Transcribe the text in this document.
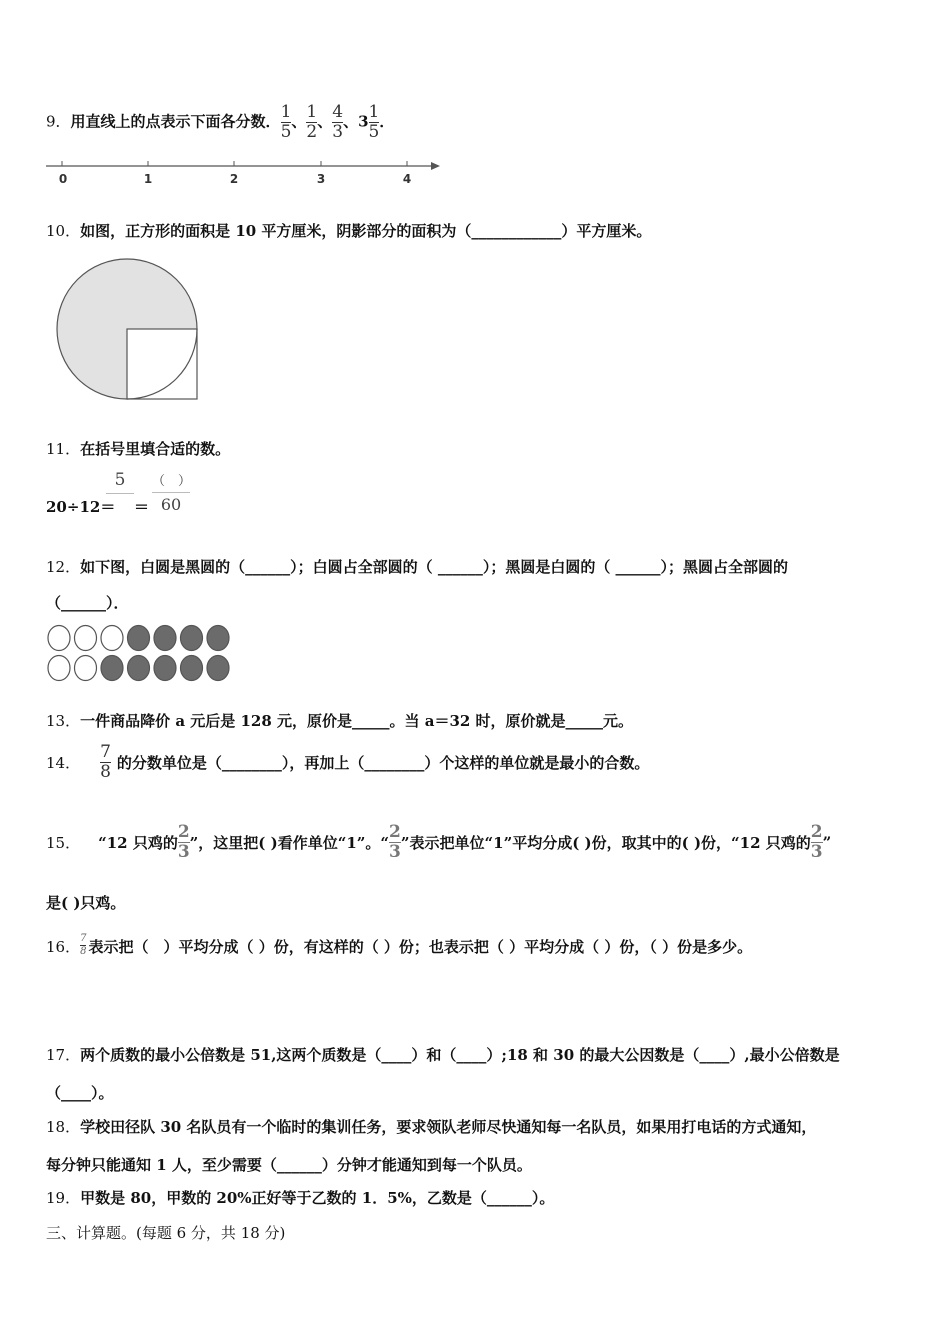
9．用直线上的点表示下面各分数． $\frac{1}{5}$ 、 $\frac{1}{2}$ 、 $\frac{4}{3}$ 、$3 \frac{1}{5}$ ．
0	1	2	3	4
10．如图，正方形的面积是 10 平方厘米，阴影部分的面积为（____________）平方厘米。
11．在括号里填合适的数。
20÷12＝
5
＝
（　）
60
12．如下图，白圆是黑圆的（______）；白圆占全部圆的（ ______）；黑圆是白圆的（ ______）；黑圆占全部圆的
（______）．
13．一件商品降价 a 元后是 128 元，原价是_____。当 a＝32 时，原价就是_____元。
14． $\frac{7}{8}$ 的分数单位是（________），再加上（________）个这样的单位就是最小的合数。
15． “12 只鸡的 $\frac{2}{3}$ ”，这里把( )看作单位“1”。“ $\frac{2}{3}$ ”表示把单位“1”平均分成( )份，取其中的( )份，“12 只鸡的 $\frac{2}{3}$ ”
是( )只鸡。
16． $\frac{7}{8}$ 表示把（　）平均分成（ ）份，有这样的（ ）份；也表示把（ ）平均分成（ ）份，（ ）份是多少。
17．两个质数的最小公倍数是 51,这两个质数是（____）和（____）;18 和 30 的最大公因数是（____）,最小公倍数是
（____）。
18．学校田径队 30 名队员有一个临时的集训任务，要求领队老师尽快通知每一名队员，如果用打电话的方式通知，
每分钟只能通知 1 人，至少需要（______）分钟才能通知到每一个队员。
19．甲数是 80，甲数的 20%正好等于乙数的 1．5%，乙数是（______）。
三、计算题。(每题 6 分，共 18 分)
